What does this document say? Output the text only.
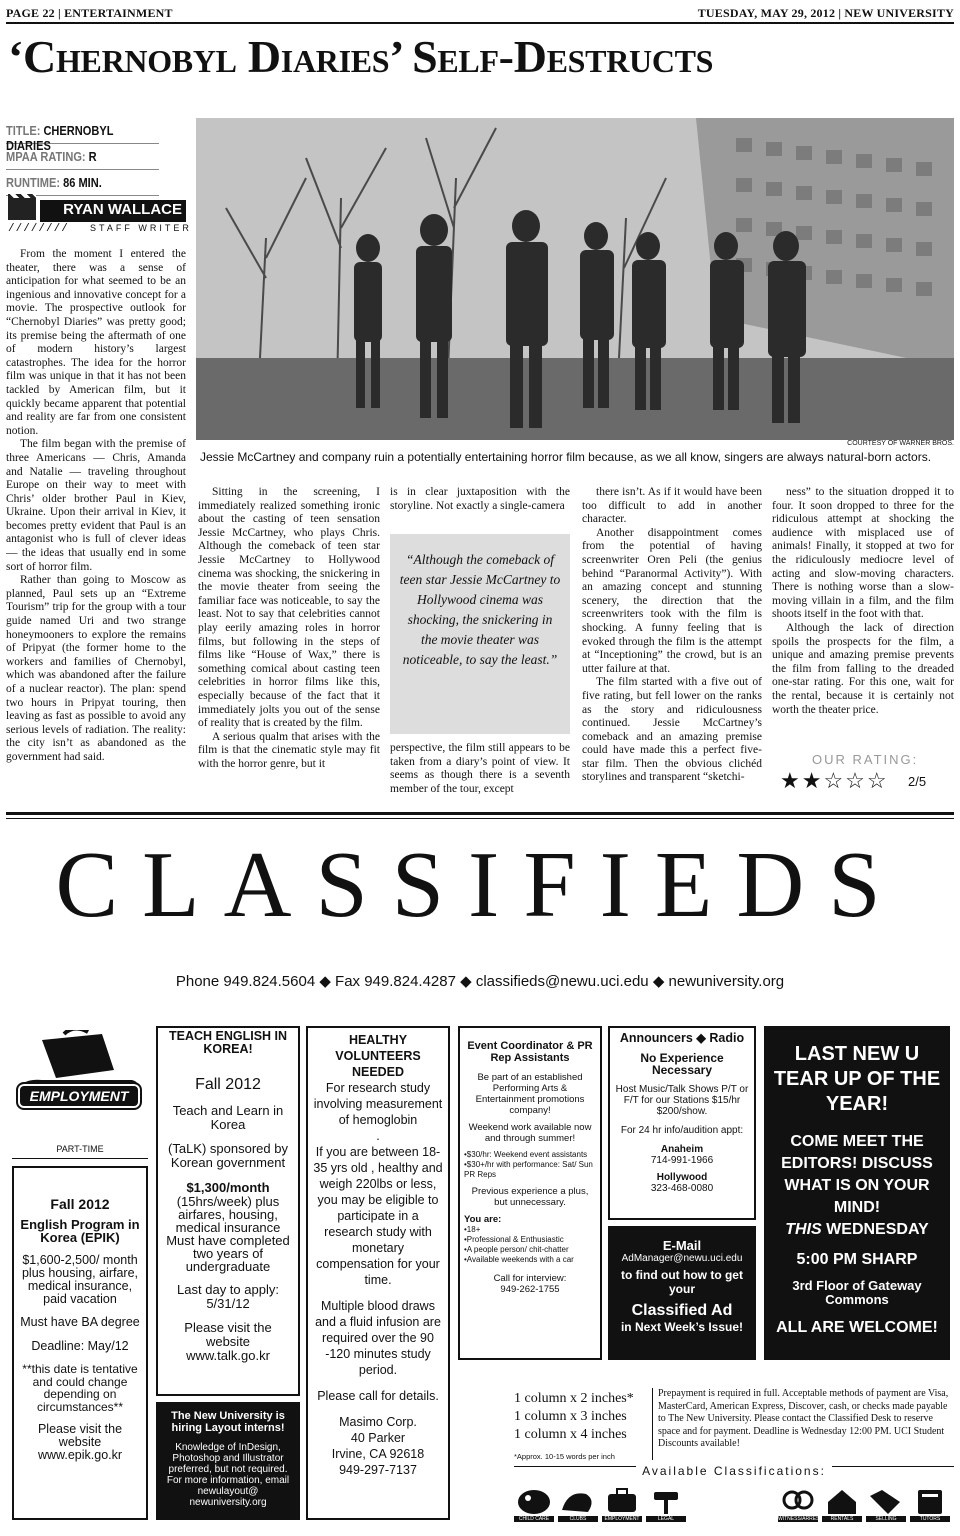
PAGE 22 | ENTERTAINMENT	TUESDAY, MAY 29, 2012 | NEW UNIVERSITY
‘Chernobyl Diaries’ Self-Destructs
TITLE: CHERNOBYL DIARIES
MPAA RATING: R
RUNTIME: 86 MIN.
RYAN WALLACE
//////// STAFF WRITER

From the moment I entered the theater, there was a sense of anticipation for what seemed to be an ingenious and innovative concept for a movie. The prospective outlook for “Chernobyl Diaries” was pretty good; its premise being the aftermath of one of modern history’s largest catastrophes. The idea for the horror film was unique in that it has not been tackled by American film, but it quickly became apparent that potential and reality are far from one consistent notion.

The film began with the premise of three Americans — Chris, Amanda and Natalie — traveling throughout Europe on their way to meet with Chris’ older brother Paul in Kiev, Ukraine. Upon their arrival in Kiev, it becomes pretty evident that Paul is an antagonist who is full of clever ideas — the ideas that usually end in some sort of horror film.

Rather than going to Moscow as planned, Paul sets up an “Extreme Tourism” trip for the group with a tour guide named Uri and two strange honeymooners to explore the remains of Pripyat (the former home to the workers and families of Chernobyl, which was abandoned after the failure of a nuclear reactor). The plan: spend two hours in Pripyat touring, then leaving as fast as possible to avoid any serious levels of radiation. The reality: the city isn’t as abandoned as the government had said.

COURTESY OF WARNER BROS.
Jessie McCartney and company ruin a potentially entertaining horror film because, as we all know, singers are always natural-born actors.

Sitting in the screening, I immediately realized something ironic about the casting of teen sensation Jessie McCartney, who plays Chris. Although the comeback of teen star Jessie McCartney to Hollywood cinema was shocking, the snickering in the movie theater from seeing the familiar face was noticeable, to say the least. Not to say that celebrities cannot play eerily amazing roles in horror films, but following in the steps of films like “House of Wax,” there is something comical about casting teen celebrities in horror films like this, especially because of the fact that it immediately jolts you out of the sense of reality that is created by the film.

A serious qualm that arises with the film is that the cinematic style may fit with the horror genre, but it

is in clear juxtaposition with the storyline. Not exactly a single-camera
“Although the comeback of teen star Jessie McCartney to Hollywood cinema was shocking, the snickering in the movie theater was noticeable, to say the least.”
perspective, the film still appears to be taken from a diary’s point of view. It seems as though there is a seventh member of the tour, except

there isn’t. As if it would have been too difficult to add in another character.

Another disappointment comes from the potential of having screenwriter Oren Peli (the genius behind “Paranormal Activity”). With an amazing concept and stunning scenery, the direction that the screenwriters took with the film is shocking. A funny feeling that is evoked through the film is the attempt at “Inceptioning” the crowd, but is an utter failure at that.

The film started with a five out of five rating, but fell lower on the ranks as the story and ridiculousness continued. Jessie McCartney’s comeback and an amazing premise could have made this a perfect five-star film. Then the obvious clichéd storylines and transparent “sketchi-

ness” to the situation dropped it to four. It soon dropped to three for the ridiculous attempt at shocking the audience with misplaced use of animals! Finally, it stopped at two for the ridiculously mediocre level of acting and slow-moving characters. There is nothing worse than a slow-moving villain in a film, and the film shoots itself in the foot with that.

Although the lack of direction spoils the prospects for the film, a unique and amazing premise prevents the film from falling to the dreaded one-star rating. For this one, wait for the rental, because it is certainly not worth the theater price.

OUR RATING:
★★☆☆☆ 2/5
CLASSIFIEDS
Phone 949.824.5604 ◆ Fax 949.824.4287 ◆ classifieds@newu.uci.edu ◆ newuniversity.org
EMPLOYMENT
PART-TIME
Fall 2012
English Program in Korea (EPIK)
$1,600-2,500/ month plus housing, airfare, medical insurance, paid vacation
Must have BA degree
Deadline: May/12
**this date is tentative and could change depending on circumstances**
Please visit the website www.epik.go.kr
TEACH ENGLISH IN KOREA!
Fall 2012
Teach and Learn in Korea
(TaLK) sponsored by Korean government
$1,300/month
(15hrs/week) plus airfares, housing, medical insurance
Must have completed two years of undergraduate
Last day to apply: 5/31/12
Please visit the website www.talk.go.kr
The New University is hiring Layout interns!
Knowledge of InDesign, Photoshop and Illustrator preferred, but not required. For more information, email
newulayout@ newuniversity.org
HEALTHY VOLUNTEERS NEEDED
For research study involving measurement of hemoglobin
.
If you are between 18-35 yrs old , healthy and weigh 220lbs or less,
you may be eligible to participate in a research study with monetary compensation for your time.
Multiple blood draws and a fluid infusion are required over the 90 -120 minutes study period.
Please call for details.
Masimo Corp.
40 Parker
Irvine, CA 92618
949-297-7137
Event Coordinator & PR Rep Assistants
Be part of an established Performing Arts & Entertainment promotions company!
Weekend work available now and through summer!
•$30/hr: Weekend event assistants
•$30+/hr with performance: Sat/ Sun PR Reps
Previous experience a plus, but unnecessary.
You are:
•18+
•Professional & Enthusiastic
•A people person/ chit-chatter
•Available weekends with a car
Call for interview:
949-262-1755
Announcers ◆ Radio
No Experience Necessary
Host Music/Talk Shows P/T or F/T for our Stations $15/hr $200/show.
For 24 hr info/audition appt:
Anaheim
714-991-1966
Hollywood
323-468-0080
E-Mail
AdManager@newu.uci.edu
to find out how to get your
Classified Ad
in Next Week’s Issue!
LAST NEW U TEAR UP OF THE YEAR!
COME MEET THE EDITORS! DISCUSS WHAT IS ON YOUR MIND!
THIS WEDNESDAY
5:00 PM SHARP
3rd Floor of Gateway Commons
ALL ARE WELCOME!
1 column x 2 inches*
1 column x 3 inches
1 column x 4 inches
*Approx. 10-15 words per inch
Prepayment is required in full. Acceptable methods of payment are Visa, MasterCard, American Express, Discover, cash, or checks made payable to The New University. Please contact the Classified Desk to reserve space and for payment. Deadline is Wednesday 12:00 PM. UCI Student Discounts available!
Available Classifications:
CHILD CARE	CLUBS	EMPLOYMENT	LEGAL	WITNESS/ARREST	RENTALS	SELLING	TUTORS
